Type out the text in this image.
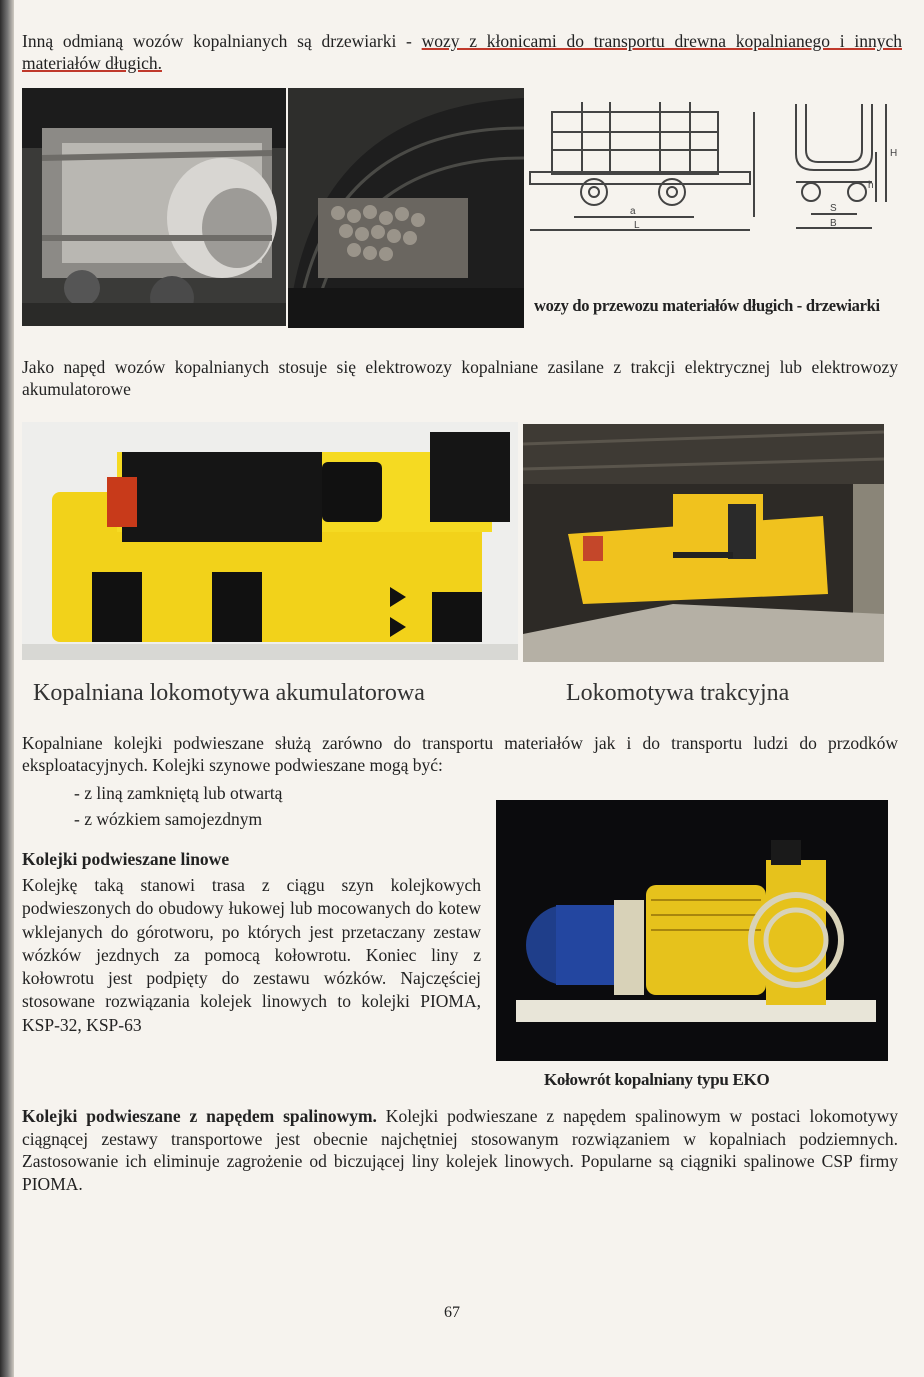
Inną odmianą wozów kopalnianych są drzewiarki - wozy z kłonicami do transportu drewna kopalnianego i innych materiałów długich.
a
L
H
h
S
B
wozy do przewozu materiałów długich - drzewiarki
Jako napęd wozów kopalnianych stosuje się elektrowozy kopalniane zasilane z trakcji elektrycznej lub elektrowozy akumulatorowe
Kopalniana lokomotywa akumulatorowa	Lokomotywa trakcyjna
Kopalniane kolejki podwieszane służą zarówno do transportu materiałów jak i do transportu ludzi do przodków eksploatacyjnych. Kolejki szynowe podwieszane mogą być:
- z liną zamkniętą lub otwartą
- z wózkiem samojezdnym
Kolejki podwieszane linowe
Kolejkę taką stanowi trasa z ciągu szyn kolejkowych podwieszonych do obudowy łukowej lub mocowanych do kotew wklejanych do górotworu, po których jest przetaczany zestaw wózków jezdnych za pomocą kołowrotu. Koniec liny z kołowrotu jest podpięty do zestawu wózków. Najczęściej stosowane rozwiązania kolejek linowych to kolejki PIOMA, KSP-32, KSP-63
Kołowrót kopalniany typu EKO
Kolejki podwieszane z napędem spalinowym. Kolejki podwieszane z napędem spalinowym w postaci lokomotywy ciągnącej zestawy transportowe jest obecnie najchętniej stosowanym rozwiązaniem w kopalniach podziemnych. Zastosowanie ich eliminuje zagrożenie od biczującej liny kolejek linowych. Popularne są ciągniki spalinowe CSP firmy PIOMA.
67
